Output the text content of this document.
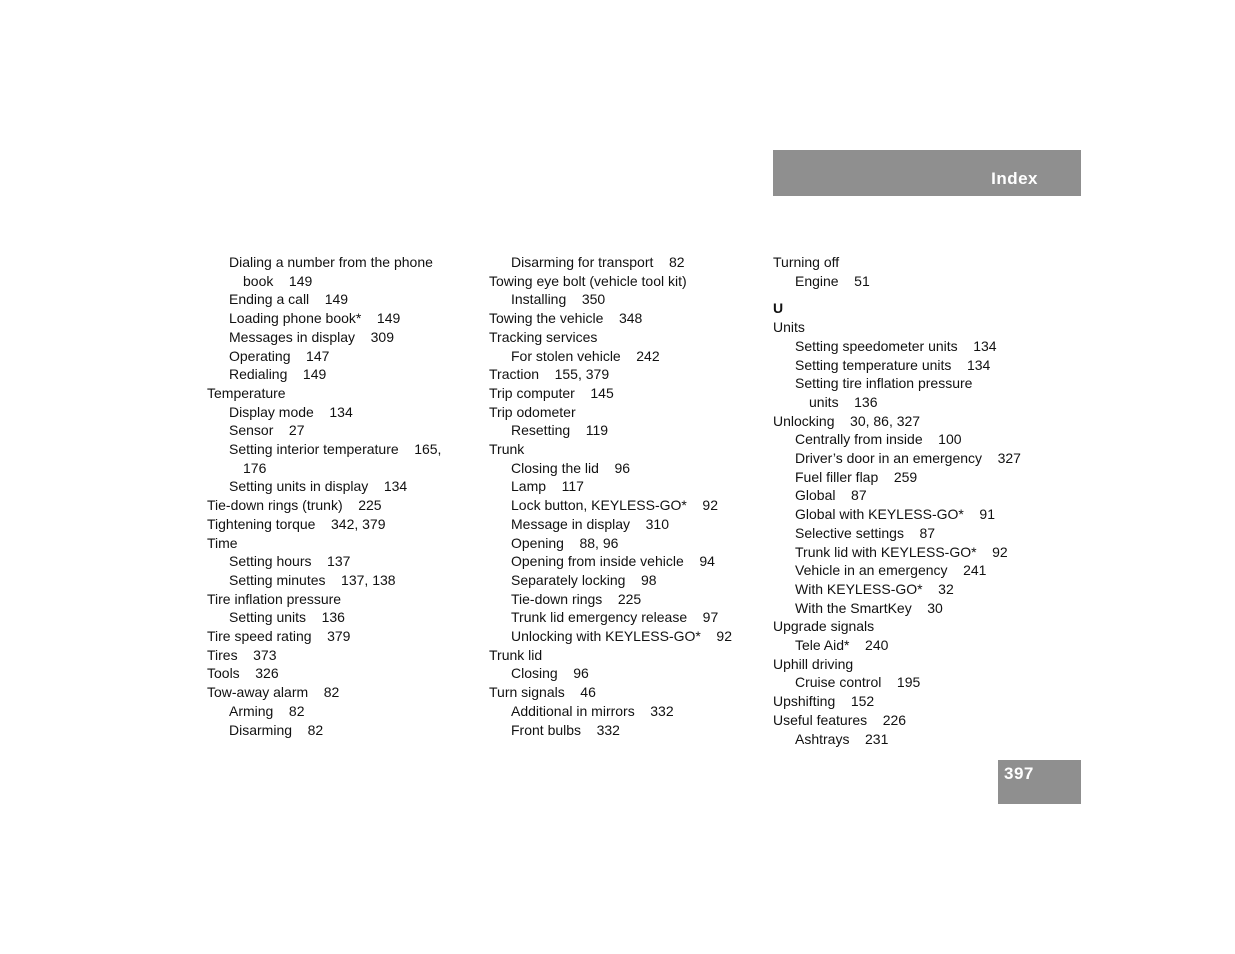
Index
Dialing a number from the phone
book    149
Ending a call    149
Loading phone book*    149
Messages in display    309
Operating    147
Redialing    149
Temperature
Display mode    134
Sensor    27
Setting interior temperature    165,
176
Setting units in display    134
Tie-down rings (trunk)    225
Tightening torque    342, 379
Time
Setting hours    137
Setting minutes    137, 138
Tire inflation pressure
Setting units    136
Tire speed rating    379
Tires    373
Tools    326
Tow-away alarm    82
Arming    82
Disarming    82
Disarming for transport    82
Towing eye bolt (vehicle tool kit)
Installing    350
Towing the vehicle    348
Tracking services
For stolen vehicle    242
Traction    155, 379
Trip computer    145
Trip odometer
Resetting    119
Trunk
Closing the lid    96
Lamp    117
Lock button, KEYLESS-GO*    92
Message in display    310
Opening    88, 96
Opening from inside vehicle    94
Separately locking    98
Tie-down rings    225
Trunk lid emergency release    97
Unlocking with KEYLESS-GO*    92
Trunk lid
Closing    96
Turn signals    46
Additional in mirrors    332
Front bulbs    332
Turning off
Engine    51
U
Units
Setting speedometer units    134
Setting temperature units    134
Setting tire inflation pressure
units    136
Unlocking    30, 86, 327
Centrally from inside    100
Driver’s door in an emergency    327
Fuel filler flap    259
Global    87
Global with KEYLESS-GO*    91
Selective settings    87
Trunk lid with KEYLESS-GO*    92
Vehicle in an emergency    241
With KEYLESS-GO*    32
With the SmartKey    30
Upgrade signals
Tele Aid*    240
Uphill driving
Cruise control    195
Upshifting    152
Useful features    226
Ashtrays    231
397
